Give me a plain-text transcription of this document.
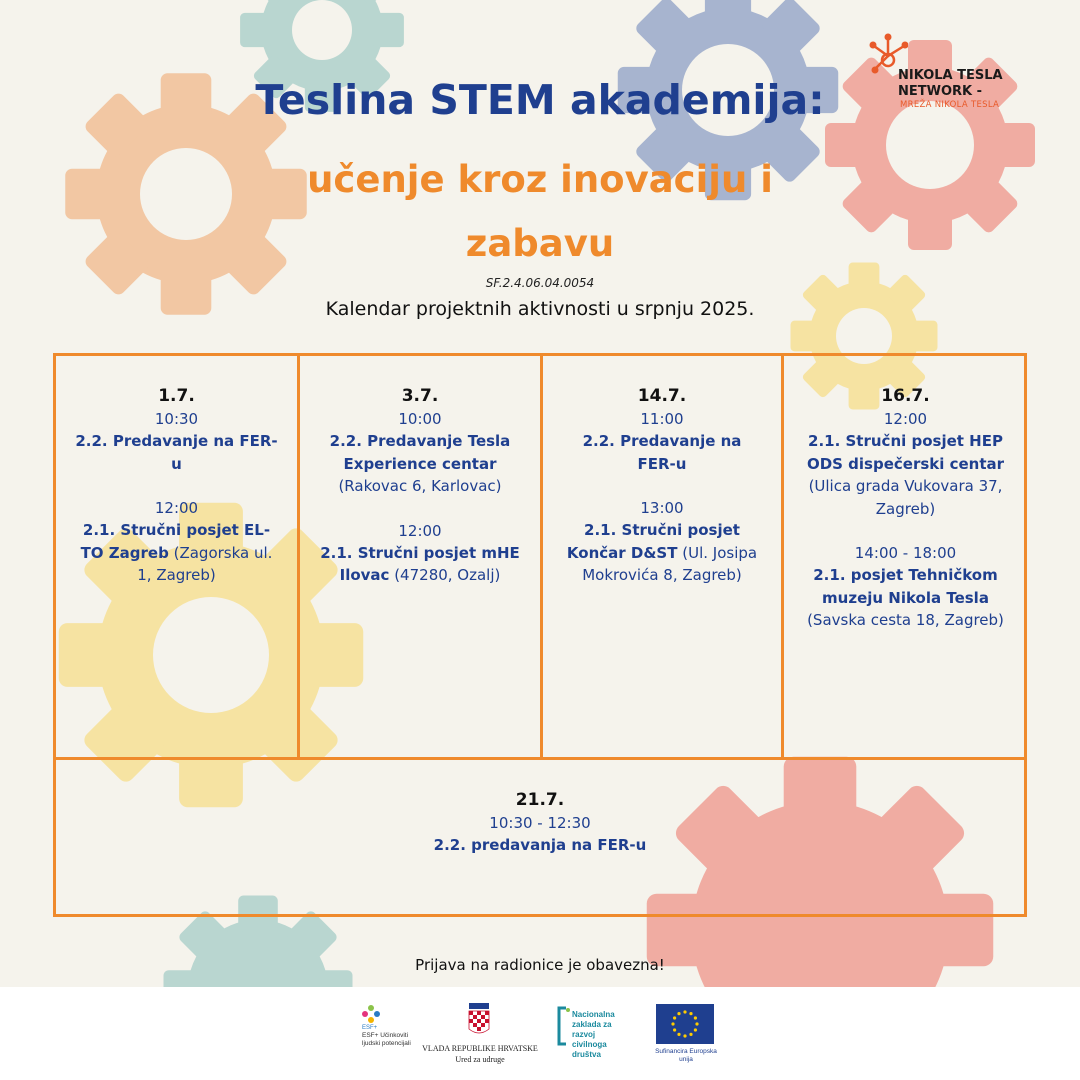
NIKOLA TESLA
NETWORK -
MREŽA NIKOLA TESLA
Teslina STEM akademija:
učenje kroz inovaciju i zabavu
SF.2.4.06.04.0054
Kalendar projektnih aktivnosti u srpnju 2025.
1.7.
10:30
2.2. Predavanje na FER-u
12:00
2.1. Stručni posjet EL-TO Zagreb (Zagorska ul. 1, Zagreb)
3.7.
10:00
2.2. Predavanje Tesla Experience centar (Rakovac 6, Karlovac)
12:00
2.1. Stručni posjet mHE Ilovac (47280, Ozalj)
14.7.
11:00
2.2. Predavanje na FER-u
13:00
2.1. Stručni posjet Končar D&ST (Ul. Josipa Mokrovića 8, Zagreb)
16.7.
12:00
2.1. Stručni posjet HEP ODS dispečerski centar (Ulica grada Vukovara 37, Zagreb)
14:00 - 18:00
2.1. posjet Tehničkom muzeju Nikola Tesla (Savska cesta 18, Zagreb)
21.7.
10:30 - 12:30
2.2. predavanja na FER-u
Prijava na radionice je obavezna!
ESF+
ESF+ Učinkoviti ljudski potencijali
VLADA REPUBLIKE HRVATSKE
Ured za udruge
Nacionalna zaklada za razvoj civilnoga društva	Sufinancira Europska unija
